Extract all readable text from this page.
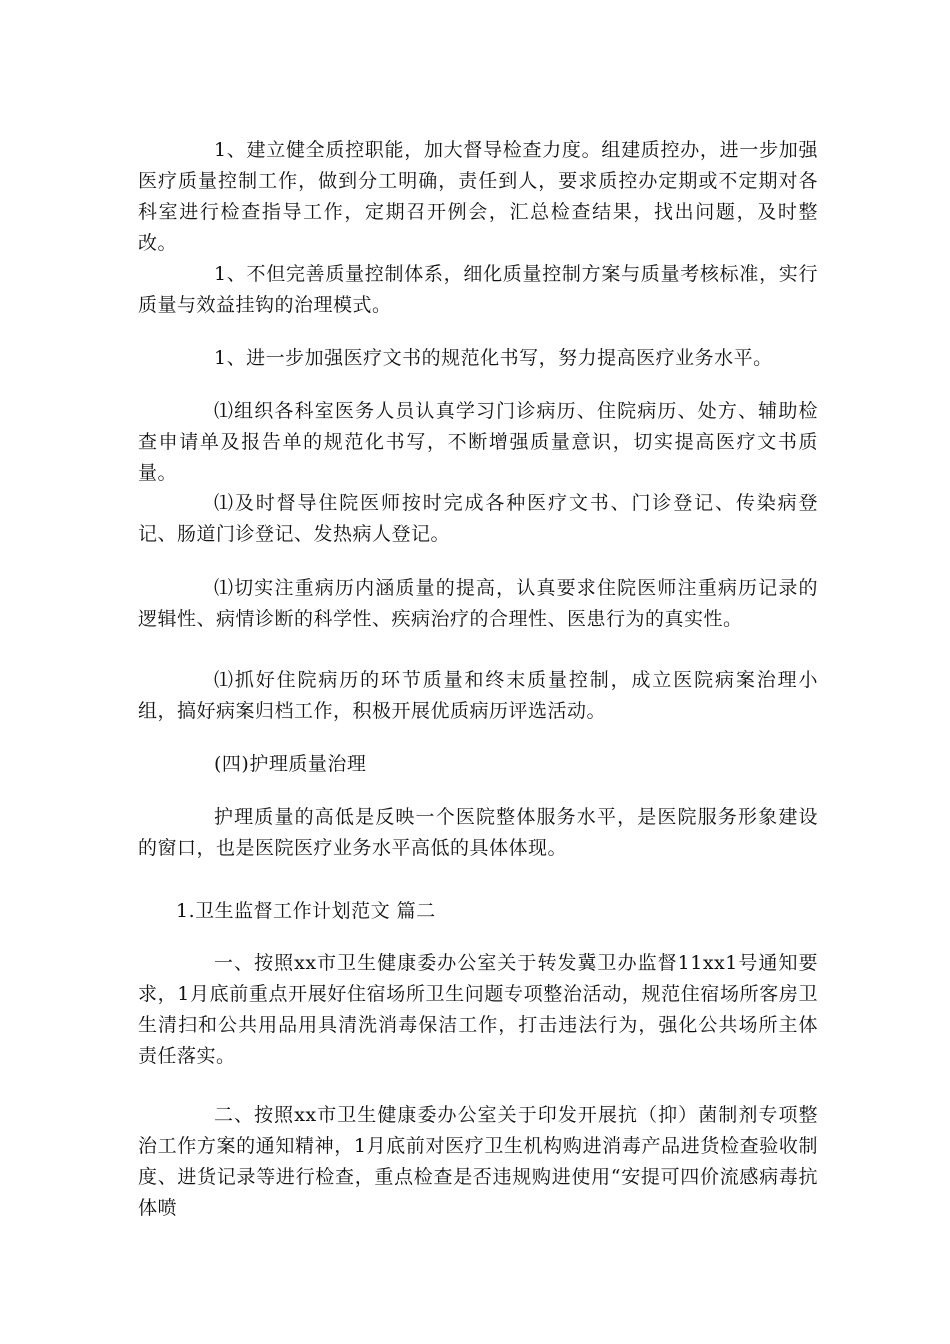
1、建立健全质控职能，加大督导检查力度。组建质控办，进一步加强医疗质量控制工作，做到分工明确，责任到人，要求质控办定期或不定期对各科室进行检查指导工作，定期召开例会，汇总检查结果，找出问题，及时整改。

1、不但完善质量控制体系，细化质量控制方案与质量考核标准，实行质量与效益挂钩的治理模式。

1、进一步加强医疗文书的规范化书写，努力提高医疗业务水平。

⑴组织各科室医务人员认真学习门诊病历、住院病历、处方、辅助检查申请单及报告单的规范化书写，不断增强质量意识，切实提高医疗文书质量。

⑴及时督导住院医师按时完成各种医疗文书、门诊登记、传染病登记、肠道门诊登记、发热病人登记。

⑴切实注重病历内涵质量的提高，认真要求住院医师注重病历记录的逻辑性、病情诊断的科学性、疾病治疗的合理性、医患行为的真实性。

⑴抓好住院病历的环节质量和终末质量控制，成立医院病案治理小组，搞好病案归档工作，积极开展优质病历评选活动。

(四)护理质量治理

护理质量的高低是反映一个医院整体服务水平，是医院服务形象建设的窗口，也是医院医疗业务水平高低的具体体现。

1.卫生监督工作计划范文 篇二

一、按照xx市卫生健康委办公室关于转发冀卫办监督11xx1号通知要求，1月底前重点开展好住宿场所卫生问题专项整治活动，规范住宿场所客房卫生清扫和公共用品用具清洗消毒保洁工作，打击违法行为，强化公共场所主体责任落实。

二、按照xx市卫生健康委办公室关于印发开展抗（抑）菌制剂专项整治工作方案的通知精神，1月底前对医疗卫生机构购进消毒产品进货检查验收制度、进货记录等进行检查，重点检查是否违规购进使用“安提可四价流感病毒抗体喷
